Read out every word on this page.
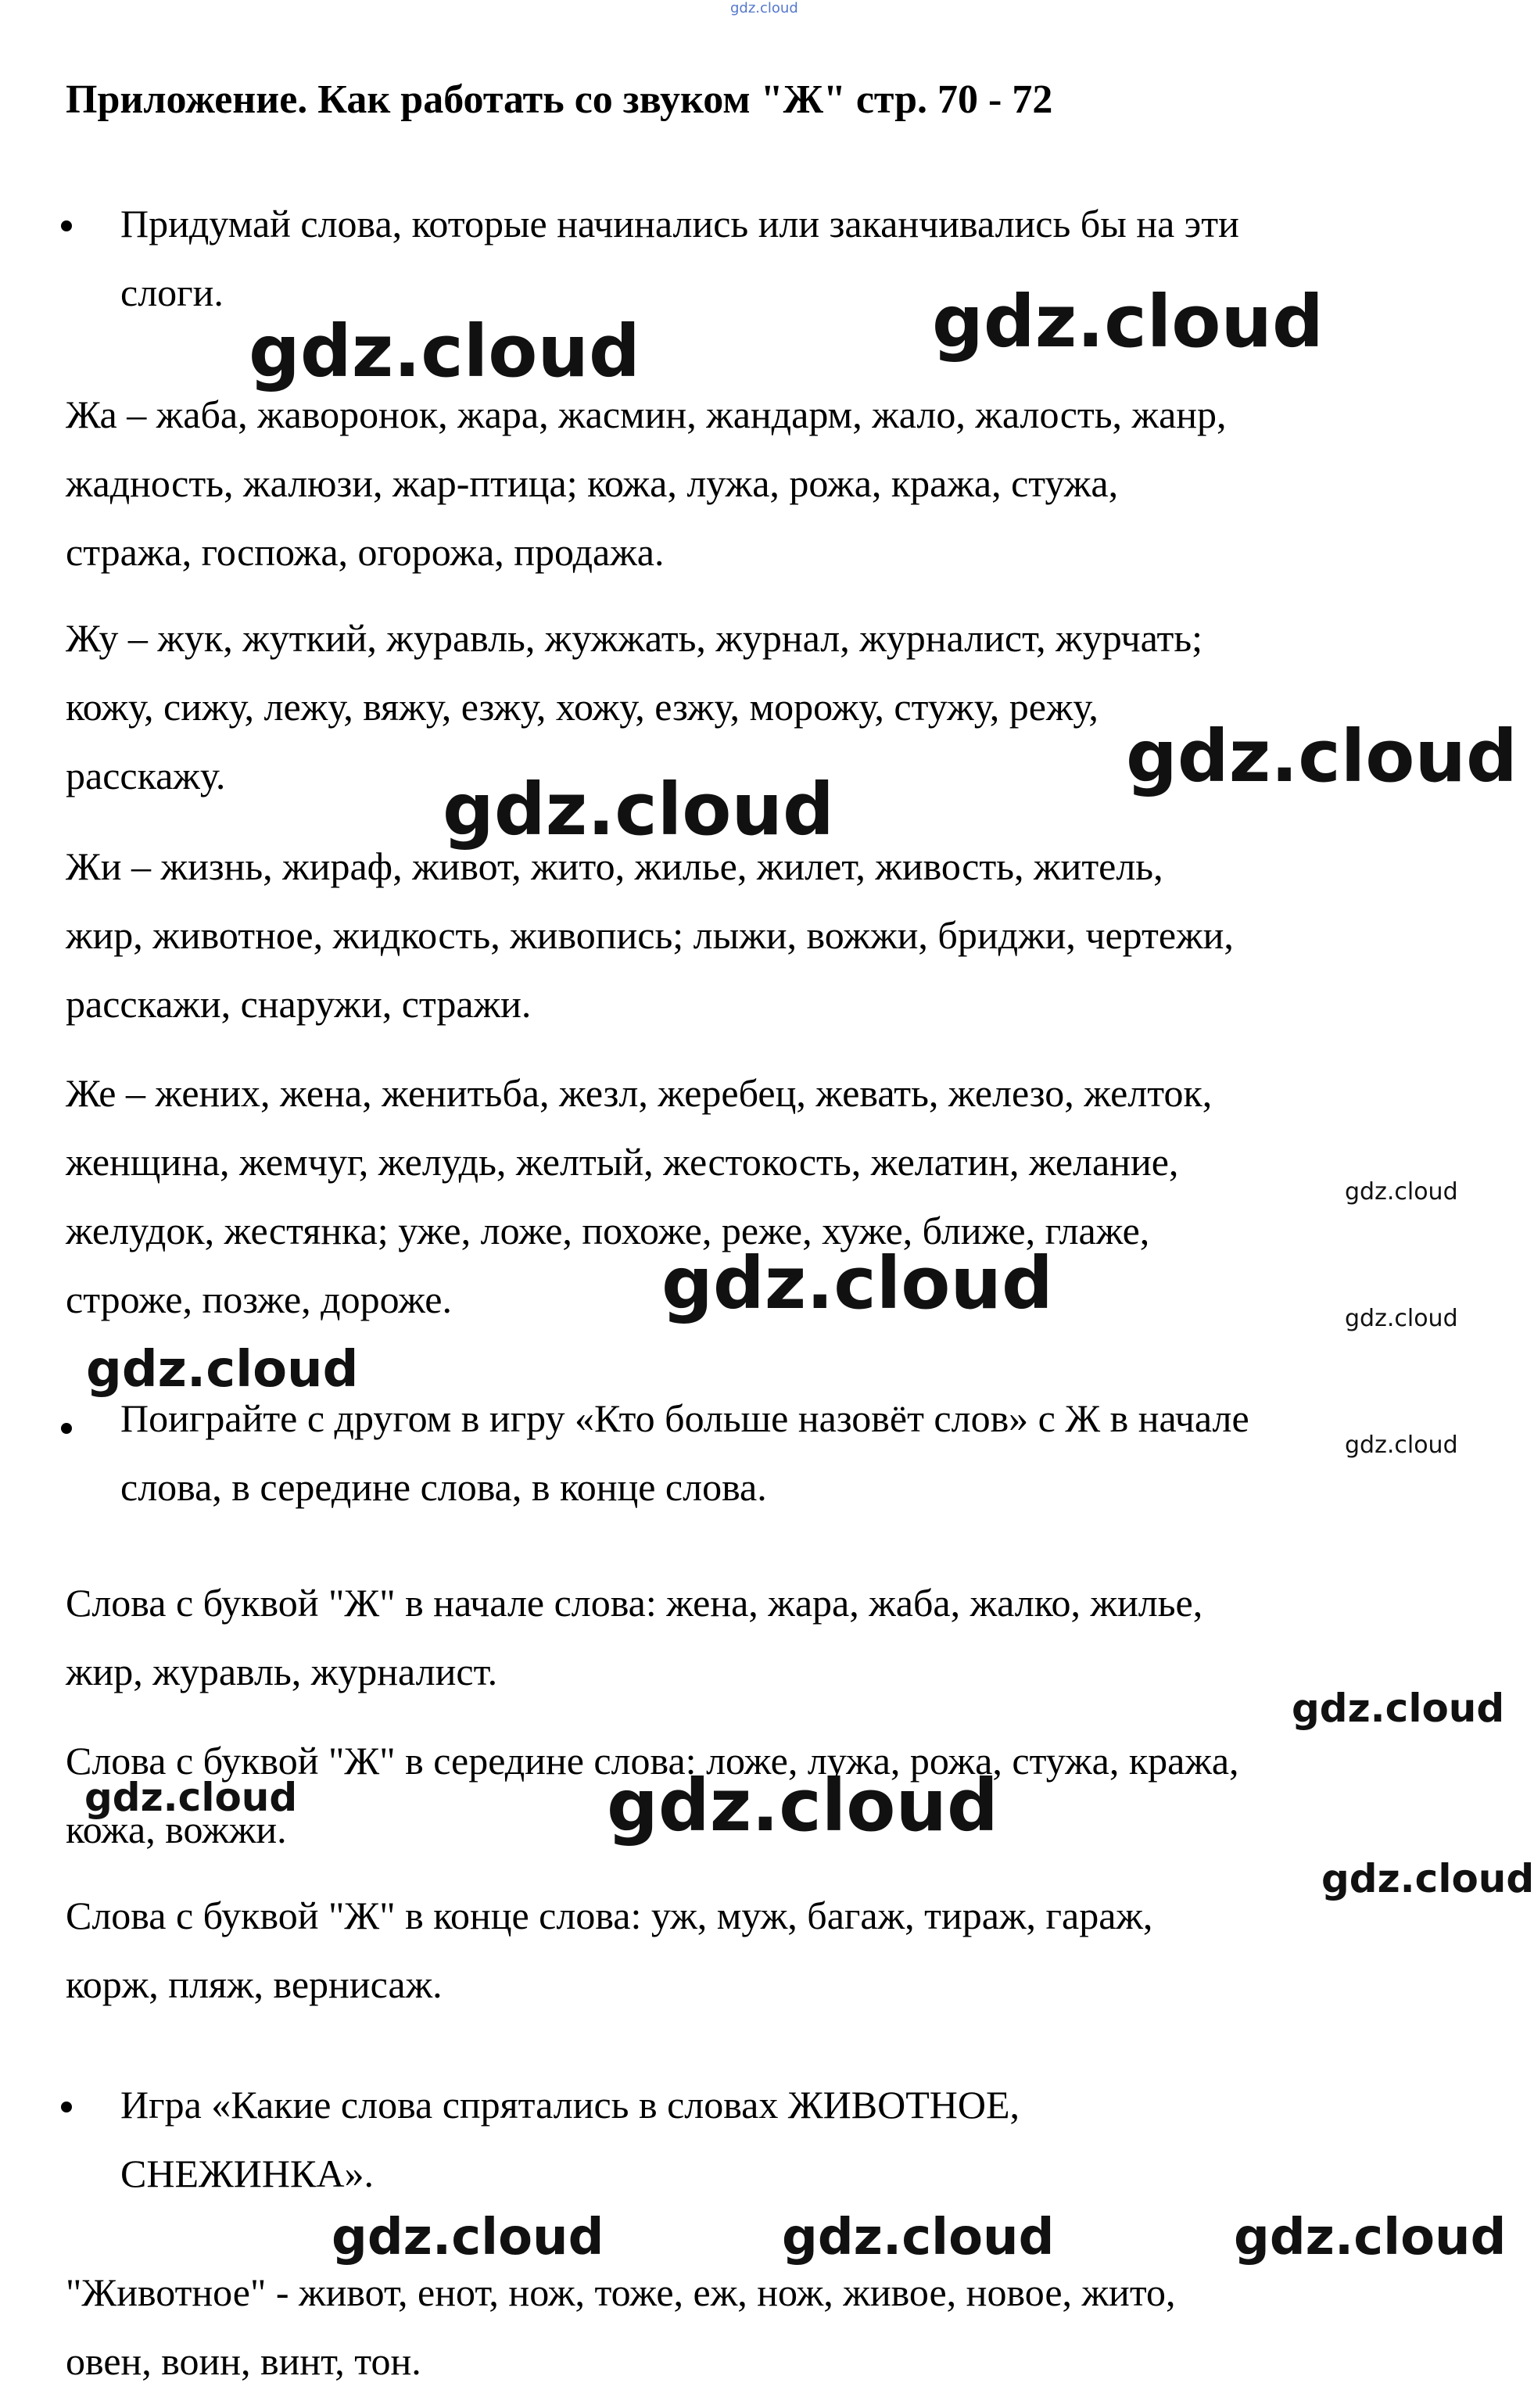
gdz.cloud

Приложение. Как работать со звуком "Ж" стр. 70 - 72

Придумай слова, которые начинались или заканчивались бы на эти
слоги.

Жа – жаба, жаворонок, жара, жасмин, жандарм, жало, жалость, жанр,
жадность, жалюзи, жар-птица; кожа, лужа, рожа, кража, стужа,
стража, госпожа, огорожа, продажа.

Жу – жук, жуткий, журавль, жужжать, журнал, журналист, журчать;
кожу, сижу, лежу, вяжу, езжу, хожу, езжу, морожу, стужу, режу,
расскажу.

Жи – жизнь, жираф, живот, жито, жилье, жилет, живость, житель,
жир, животное, жидкость, живопись; лыжи, вожжи, бриджи, чертежи,
расскажи, снаружи, стражи.

Же – жених, жена, женитьба, жезл, жеребец, жевать, железо, желток,
женщина, жемчуг, желудь, желтый, жестокость, желатин, желание,
желудок, жестянка; уже, ложе, похоже, реже, хуже, ближе, глаже,
строже, позже, дороже.

Поиграйте с другом в игру «Кто больше назовёт слов» с Ж в начале
слова, в середине слова, в конце слова.

Слова с буквой "Ж" в начале слова: жена, жара, жаба, жалко, жилье,
жир, журавль, журналист.

Слова с буквой "Ж" в середине слова: ложе, лужа, рожа, стужа, кража,
кожа, вожжи.

Слова с буквой "Ж" в конце слова: уж, муж, багаж, тираж, гараж,
корж, пляж, вернисаж.

Игра «Какие слова спрятались в словах ЖИВОТНОЕ,
СНЕЖИНКА».

"Животное" - живот, енот, нож, тоже, еж, нож, живое, новое, жито,
овен, воин, винт, тон.

gdz.cloud	gdz.cloud
gdz.cloud
gdz.cloud
gdz.cloud
gdz.cloud	gdz.cloud
gdz.cloud
gdz.cloud
gdz.cloud
gdz.cloud	gdz.cloud
gdz.cloud
gdz.cloud	gdz.cloud	gdz.cloud
